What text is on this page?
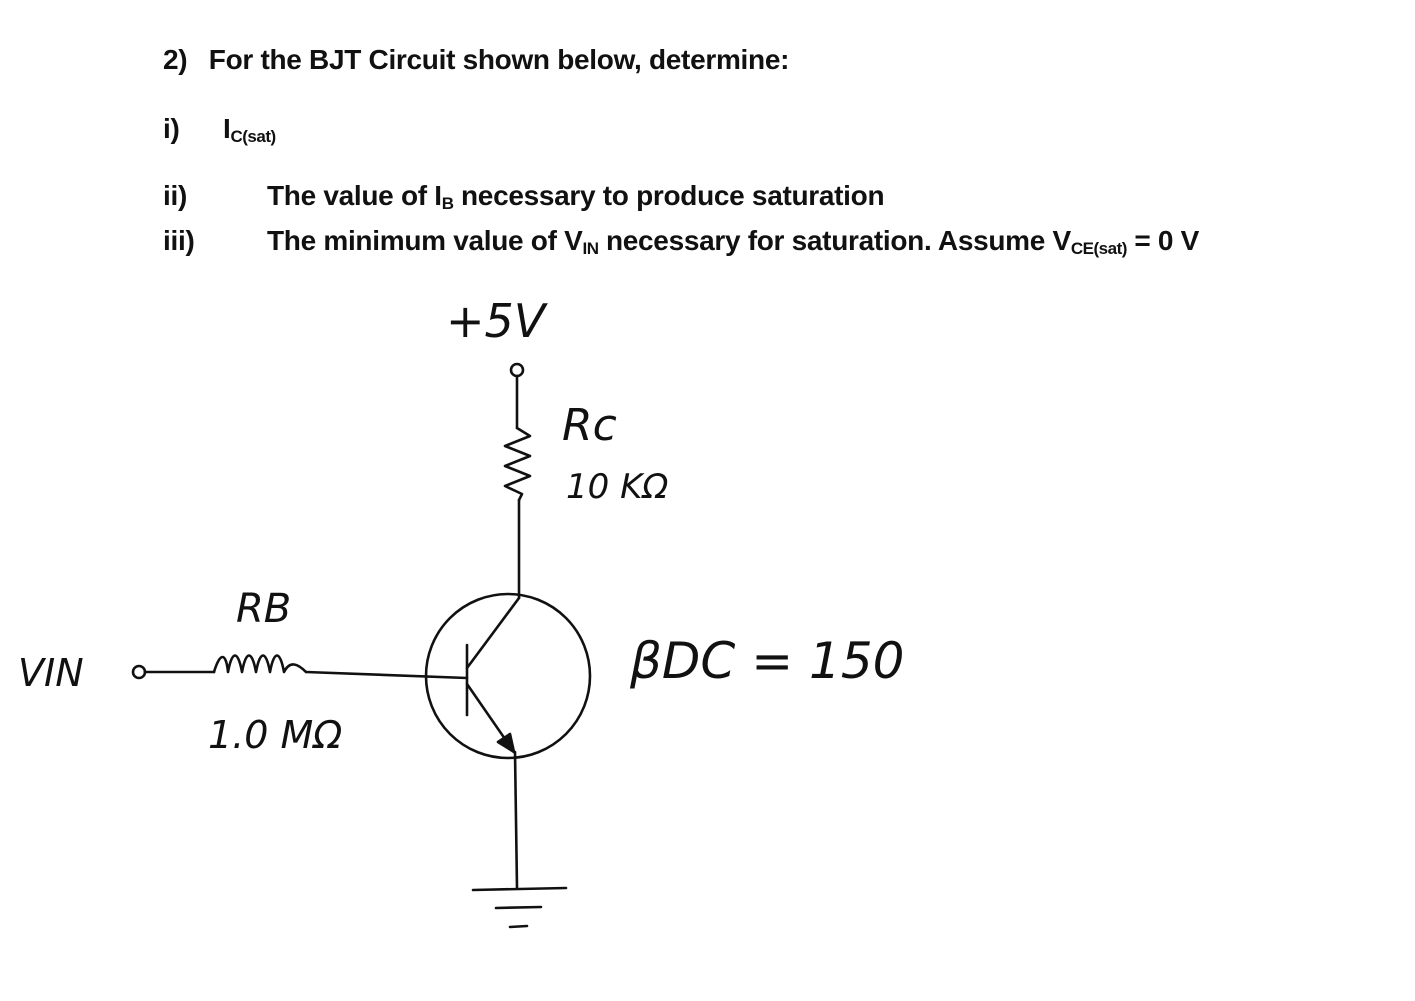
2) For the BJT Circuit shown below, determine:
i) $I_{C(sat)}$
ii)	The value of $I_B$ necessary to produce saturation
iii)	The minimum value of $V_{IN}$ necessary for saturation. Assume $V_{CE(sat)} = 0$ V
+5V
Rc
10 KΩ
RB
1.0 MΩ
VIN	βDC = 150
